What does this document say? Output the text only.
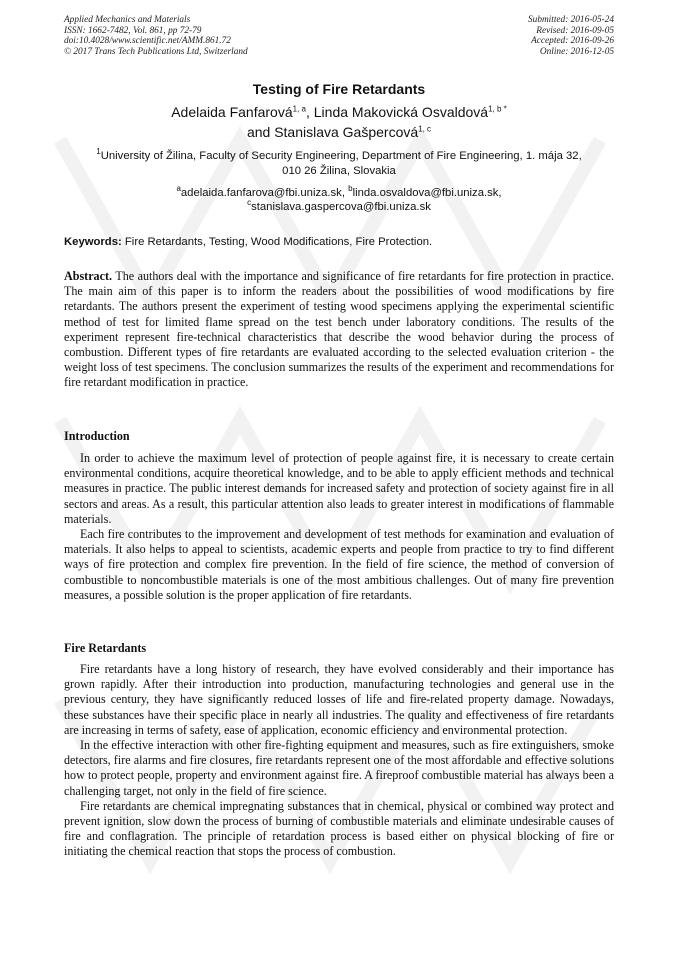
Applied Mechanics and Materials
ISSN: 1662-7482, Vol. 861, pp 72-79
doi:10.4028/www.scientific.net/AMM.861.72
© 2017 Trans Tech Publications Ltd, Switzerland
Submitted: 2016-05-24
Revised: 2016-09-05
Accepted: 2016-09-26
Online: 2016-12-05
Testing of Fire Retardants
Adelaida Fanfarová$^{1, a}$, Linda Makovická Osvaldová$^{1, b *}$
and Stanislava Gašpercová$^{1, c}$
$^1$University of Žilina, Faculty of Security Engineering, Department of Fire Engineering, 1. mája 32,
010 26 Žilina, Slovakia
$^a$adelaida.fanfarova@fbi.uniza.sk, $^b$linda.osvaldova@fbi.uniza.sk,
$^c$stanislava.gaspercova@fbi.uniza.sk
Keywords: Fire Retardants, Testing, Wood Modifications, Fire Protection.

Abstract. The authors deal with the importance and significance of fire retardants for fire protection in practice. The main aim of this paper is to inform the readers about the possibilities of wood modifications by fire retardants. The authors present the experiment of testing wood specimens applying the experimental scientific method of test for limited flame spread on the test bench under laboratory conditions. The results of the experiment represent fire-technical characteristics that describe the wood behavior during the process of combustion. Different types of fire retardants are evaluated according to the selected evaluation criterion - the weight loss of test specimens. The conclusion summarizes the results of the experiment and recommendations for fire retardant modification in practice.

Introduction

In order to achieve the maximum level of protection of people against fire, it is necessary to create certain environmental conditions, acquire theoretical knowledge, and to be able to apply efficient methods and technical measures in practice. The public interest demands for increased safety and protection of society against fire in all sectors and areas. As a result, this particular attention also leads to greater interest in modifications of flammable materials.

Each fire contributes to the improvement and development of test methods for examination and evaluation of materials. It also helps to appeal to scientists, academic experts and people from practice to try to find different ways of fire protection and complex fire prevention. In the field of fire science, the method of conversion of combustible to noncombustible materials is one of the most ambitious challenges. Out of many fire prevention measures, a possible solution is the proper application of fire retardants.

Fire Retardants

Fire retardants have a long history of research, they have evolved considerably and their importance has grown rapidly. After their introduction into production, manufacturing technologies and general use in the previous century, they have significantly reduced losses of life and fire-related property damage. Nowadays, these substances have their specific place in nearly all industries. The quality and effectiveness of fire retardants are increasing in terms of safety, ease of application, economic efficiency and environmental protection.

In the effective interaction with other fire-fighting equipment and measures, such as fire extinguishers, smoke detectors, fire alarms and fire closures, fire retardants represent one of the most affordable and effective solutions how to protect people, property and environment against fire. A fireproof combustible material has always been a challenging target, not only in the field of fire science.

Fire retardants are chemical impregnating substances that in chemical, physical or combined way protect and prevent ignition, slow down the process of burning of combustible materials and eliminate undesirable causes of fire and conflagration. The principle of retardation process is based either on physical blocking of fire or initiating the chemical reaction that stops the process of combustion.
